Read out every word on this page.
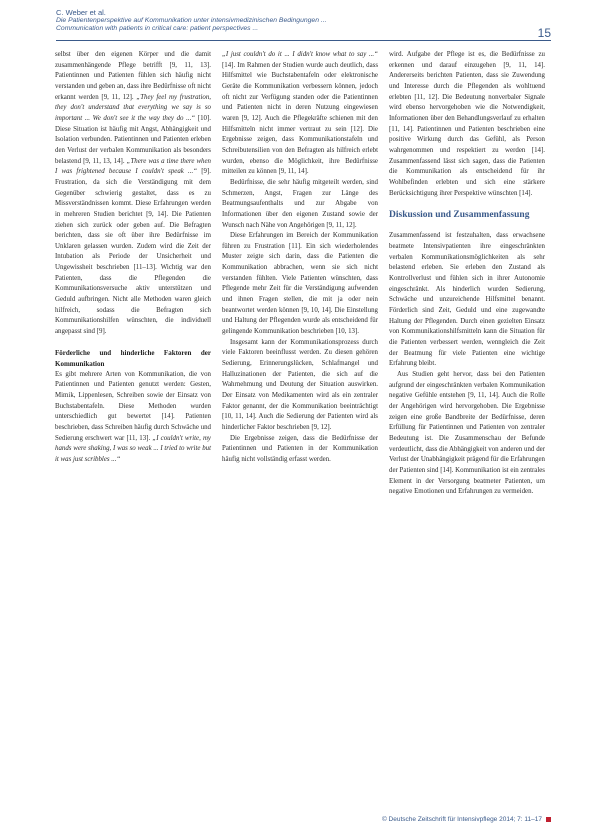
C. Weber et al.
Die Patientenperspektive auf Kommunikation unter intensivmedizinischen Bedingungen ...
Communication with patients in critical care: patient perspectives ...	15

selbst über den eigenen Körper und die damit zusammenhängende Pflege betrifft [9, 11, 13]. Patientinnen und Patienten fühlen sich häufig nicht verstanden und geben an, dass ihre Bedürfnisse oft nicht erkannt werden [9, 11, 12]. „They feel my frustration, they don't understand that everything we say is so important ... We don't see it the way they do ...“ [10]. Diese Situation ist häufig mit Angst, Abhängigkeit und Isolation verbunden. Patientinnen und Patienten erleben den Verlust der verbalen Kommunikation als besonders belastend [9, 11, 13, 14]. „There was a time there when I was frightened because I couldn't speak ...“ [9]. Frustration, da sich die Verständigung mit dem Gegenüber schwierig gestaltet, dass es zu Missverständnissen kommt. Diese Erfahrungen werden in mehreren Studien berichtet [9, 14]. Die Patienten ziehen sich zurück oder geben auf. Die Befragten berichten, dass sie oft über ihre Bedürfnisse im Unklaren gelassen wurden. Zudem wird die Zeit der Intubation als Periode der Unsicherheit und Ungewissheit beschrieben [11–13]. Wichtig war den Patienten, dass die Pflegenden die Kommunikationsversuche aktiv unterstützen und Geduld aufbringen. Nicht alle Methoden waren gleich hilfreich, sodass die Befragten sich Kommunikationshilfen wünschten, die individuell angepasst sind [9].

Förderliche und hinderliche Faktoren der Kommunikation

Es gibt mehrere Arten von Kommunikation, die von Patientinnen und Patienten genutzt werden: Gesten, Mimik, Lippenlesen, Schreiben sowie der Einsatz von Buchstabentafeln. Diese Methoden wurden unterschiedlich gut bewertet [14]. Patienten beschrieben, dass Schreiben häufig durch Schwäche und Sedierung erschwert war [11, 13]. „I couldn't write, my hands were shaking, I was so weak ... I tried to write but it was just scribbles ...“

„I just couldn't do it ... I didn't know what to say ...“ [14]. Im Rahmen der Studien wurde auch deutlich, dass Hilfsmittel wie Buchstabentafeln oder elektronische Geräte die Kommunikation verbessern können, jedoch oft nicht zur Verfügung standen oder die Patientinnen und Patienten nicht in deren Nutzung eingewiesen waren [9, 12]. Auch die Pflegekräfte schienen mit den Hilfsmitteln nicht immer vertraut zu sein [12]. Die Ergebnisse zeigen, dass Kommunikationstafeln und Schreibutensilien von den Befragten als hilfreich erlebt wurden, ebenso die Möglichkeit, ihre Bedürfnisse mitteilen zu können [9, 11, 14].

Bedürfnisse, die sehr häufig mitgeteilt werden, sind Schmerzen, Angst, Fragen zur Länge des Beatmungsaufenthalts und zur Abgabe von Informationen über den eigenen Zustand sowie der Wunsch nach Nähe von Angehörigen [9, 11, 12].

Diese Erfahrungen im Bereich der Kommunikation führen zu Frustration [11]. Ein sich wiederholendes Muster zeigte sich darin, dass die Patienten die Kommunikation abbrachen, wenn sie sich nicht verstanden fühlten. Viele Patienten wünschten, dass Pflegende mehr Zeit für die Verständigung aufwenden und ihnen Fragen stellen, die mit ja oder nein beantwortet werden können [9, 10, 14]. Die Einstellung und Haltung der Pflegenden wurde als entscheidend für gelingende Kommunikation beschrieben [10, 13].

Insgesamt kann der Kommunikationsprozess durch viele Faktoren beeinflusst werden. Zu diesen gehören Sedierung, Erinnerungslücken, Schlafmangel und Halluzinationen der Patienten, die sich auf die Wahrnehmung und Deutung der Situation auswirken. Der Einsatz von Medikamenten wird als ein zentraler Faktor genannt, der die Kommunikation beeinträchtigt [10, 11, 14]. Auch die Sedierung der Patienten wird als hinderlicher Faktor beschrieben [9, 12].

Die Ergebnisse zeigen, dass die Bedürfnisse der Patientinnen und Patienten in der Kommunikation häufig nicht vollständig erfasst werden.

wird. Aufgabe der Pflege ist es, die Bedürfnisse zu erkennen und darauf einzugehen [9, 11, 14]. Andererseits berichten Patienten, dass sie Zuwendung und Interesse durch die Pflegenden als wohltuend erlebten [11, 12]. Die Bedeutung nonverbaler Signale wird ebenso hervorgehoben wie die Notwendigkeit, Informationen über den Behandlungsverlauf zu erhalten [11, 14]. Patientinnen und Patienten beschrieben eine positive Wirkung durch das Gefühl, als Person wahrgenommen und respektiert zu werden [14]. Zusammenfassend lässt sich sagen, dass die Patienten die Kommunikation als entscheidend für ihr Wohlbefinden erlebten und sich eine stärkere Berücksichtigung ihrer Perspektive wünschten [14].

Diskussion und Zusammenfassung

Zusammenfassend ist festzuhalten, dass erwachsene beatmete Intensivpatienten ihre eingeschränkten verbalen Kommunikationsmöglichkeiten als sehr belastend erleben. Sie erleben den Zustand als Kontrollverlust und fühlen sich in ihrer Autonomie eingeschränkt. Als hinderlich wurden Sedierung, Schwäche und unzureichende Hilfsmittel benannt. Förderlich sind Zeit, Geduld und eine zugewandte Haltung der Pflegenden. Durch einen gezielten Einsatz von Kommunikationshilfsmitteln kann die Situation für die Patienten verbessert werden, wenngleich die Zeit der Beatmung für viele Patienten eine wichtige Erfahrung bleibt.

Aus Studien geht hervor, dass bei den Patienten aufgrund der eingeschränkten verbalen Kommunikation negative Gefühle entstehen [9, 11, 14]. Auch die Rolle der Angehörigen wird hervorgehoben. Die Ergebnisse zeigen eine große Bandbreite der Bedürfnisse, deren Erfüllung für Patientinnen und Patienten von zentraler Bedeutung ist. Die Zusammenschau der Befunde verdeutlicht, dass die Abhängigkeit von anderen und der Verlust der Unabhängigkeit prägend für die Erfahrungen der Patienten sind [14]. Kommunikation ist ein zentrales Element in der Versorgung beatmeter Patienten, um negative Emotionen und Erfahrungen zu vermeiden.

© Deutsche Zeitschrift für Intensivpflege 2014; 7: 11–17
